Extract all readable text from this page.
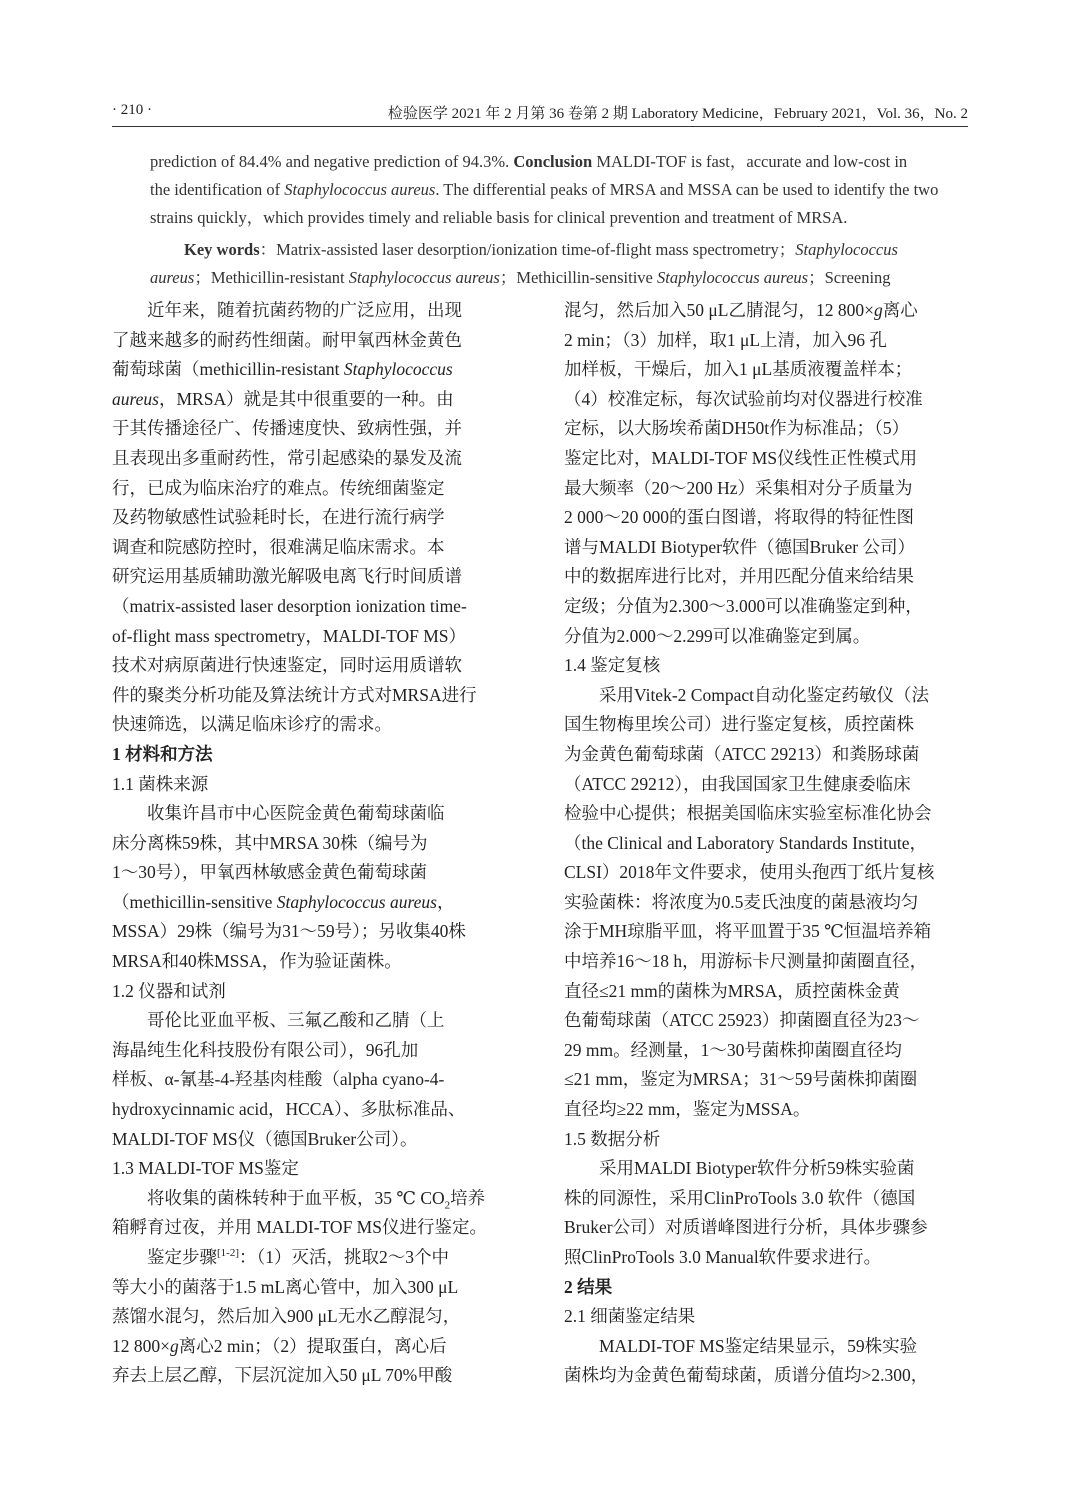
· 210 ·	检验医学 2021 年 2 月第 36 卷第 2 期 Laboratory Medicine，February 2021，Vol. 36，No. 2

prediction of 84.4% and negative prediction of 94.3%. Conclusion MALDI-TOF is fast，accurate and low-cost in

the identification of Staphylococcus aureus. The differential peaks of MRSA and MSSA can be used to identify the two

strains quickly，which provides timely and reliable basis for clinical prevention and treatment of MRSA.

Key words：Matrix-assisted laser desorption/ionization time-of-flight mass spectrometry；Staphylococcus

aureus；Methicillin-resistant Staphylococcus aureus；Methicillin-sensitive Staphylococcus aureus；Screening

近年来，随着抗菌药物的广泛应用，出现
了越来越多的耐药性细菌。耐甲氧西林金黄色
葡萄球菌（methicillin-resistant Staphylococcus
aureus，MRSA）就是其中很重要的一种。由
于其传播途径广、传播速度快、致病性强，并
且表现出多重耐药性，常引起感染的暴发及流
行，已成为临床治疗的难点。传统细菌鉴定
及药物敏感性试验耗时长，在进行流行病学
调查和院感防控时，很难满足临床需求。本
研究运用基质辅助激光解吸电离飞行时间质谱
（matrix-assisted laser desorption ionization time-
of-flight mass spectrometry，MALDI-TOF MS）
技术对病原菌进行快速鉴定，同时运用质谱软
件的聚类分析功能及算法统计方式对MRSA进行
快速筛选，以满足临床诊疗的需求。
1 材料和方法
1.1 菌株来源
收集许昌市中心医院金黄色葡萄球菌临
床分离株59株，其中MRSA 30株（编号为
1～30号），甲氧西林敏感金黄色葡萄球菌
（methicillin-sensitive Staphylococcus aureus，
MSSA）29株（编号为31～59号）；另收集40株
MRSA和40株MSSA，作为验证菌株。
1.2 仪器和试剂
哥伦比亚血平板、三氟乙酸和乙腈（上
海晶纯生化科技股份有限公司），96孔加
样板、α-氰基-4-羟基肉桂酸（alpha cyano-4-
hydroxycinnamic acid，HCCA）、多肽标准品、
MALDI-TOF MS仪（德国Bruker公司）。
1.3 MALDI-TOF MS鉴定
将收集的菌株转种于血平板，35 ℃ $CO_2$培养
箱孵育过夜，并用 MALDI-TOF MS仪进行鉴定。
鉴定步骤[1-2]：（1）灭活，挑取2～3个中
等大小的菌落于1.5 mL离心管中，加入300 μL
蒸馏水混匀，然后加入900 μL无水乙醇混匀，
12 800×g离心2 min；（2）提取蛋白，离心后
弃去上层乙醇，下层沉淀加入50 μL 70%甲酸
混匀，然后加入50 μL乙腈混匀，12 800×g离心
2 min；（3）加样，取1 μL上清，加入96 孔
加样板，干燥后，加入1 μL基质液覆盖样本；
（4）校准定标，每次试验前均对仪器进行校准
定标，以大肠埃希菌DH50t作为标准品；（5）
鉴定比对，MALDI-TOF MS仪线性正性模式用
最大频率（20～200 Hz）采集相对分子质量为
2 000～20 000的蛋白图谱，将取得的特征性图
谱与MALDI Biotyper软件（德国Bruker 公司）
中的数据库进行比对，并用匹配分值来给结果
定级；分值为2.300～3.000可以准确鉴定到种，
分值为2.000～2.299可以准确鉴定到属。
1.4 鉴定复核
采用Vitek-2 Compact自动化鉴定药敏仪（法
国生物梅里埃公司）进行鉴定复核，质控菌株
为金黄色葡萄球菌（ATCC 29213）和粪肠球菌
（ATCC 29212），由我国国家卫生健康委临床
检验中心提供；根据美国临床实验室标准化协会
（the Clinical and Laboratory Standards Institute，
CLSI）2018年文件要求，使用头孢西丁纸片复核
实验菌株：将浓度为0.5麦氏浊度的菌悬液均匀
涂于MH琼脂平皿，将平皿置于35 ℃恒温培养箱
中培养16～18 h，用游标卡尺测量抑菌圈直径，
直径≤21 mm的菌株为MRSA，质控菌株金黄
色葡萄球菌（ATCC 25923）抑菌圈直径为23～
29 mm。经测量，1～30号菌株抑菌圈直径均
≤21 mm，鉴定为MRSA；31～59号菌株抑菌圈
直径均≥22 mm，鉴定为MSSA。
1.5 数据分析
采用MALDI Biotyper软件分析59株实验菌
株的同源性，采用ClinProTools 3.0 软件（德国
Bruker公司）对质谱峰图进行分析，具体步骤参
照ClinProTools 3.0 Manual软件要求进行。
2 结果
2.1 细菌鉴定结果
MALDI-TOF MS鉴定结果显示，59株实验
菌株均为金黄色葡萄球菌，质谱分值均>2.300，
